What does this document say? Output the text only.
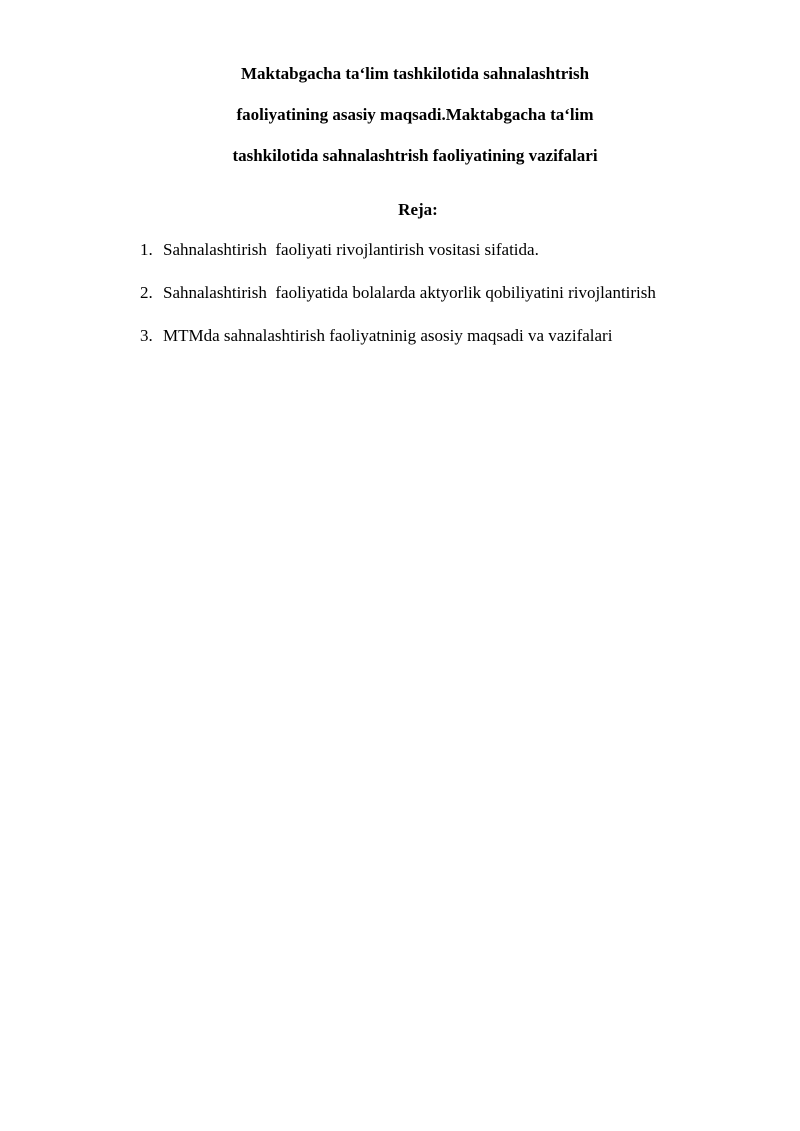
Maktabgacha taʻlim tashkilotida sahnalashtrish
faoliyatining asasiy maqsadi.Maktabgacha taʻlim
tashkilotida sahnalashtrish faoliyatining vazifalari
Reja:
1. Sahnalashtirish  faoliyati rivojlantirish vositasi sifatida.
2. Sahnalashtirish  faoliyatida bolalarda aktyorlik qobiliyatini rivojlantirish
3. MTMda sahnalashtirish faoliyatninig asosiy maqsadi va vazifalari
